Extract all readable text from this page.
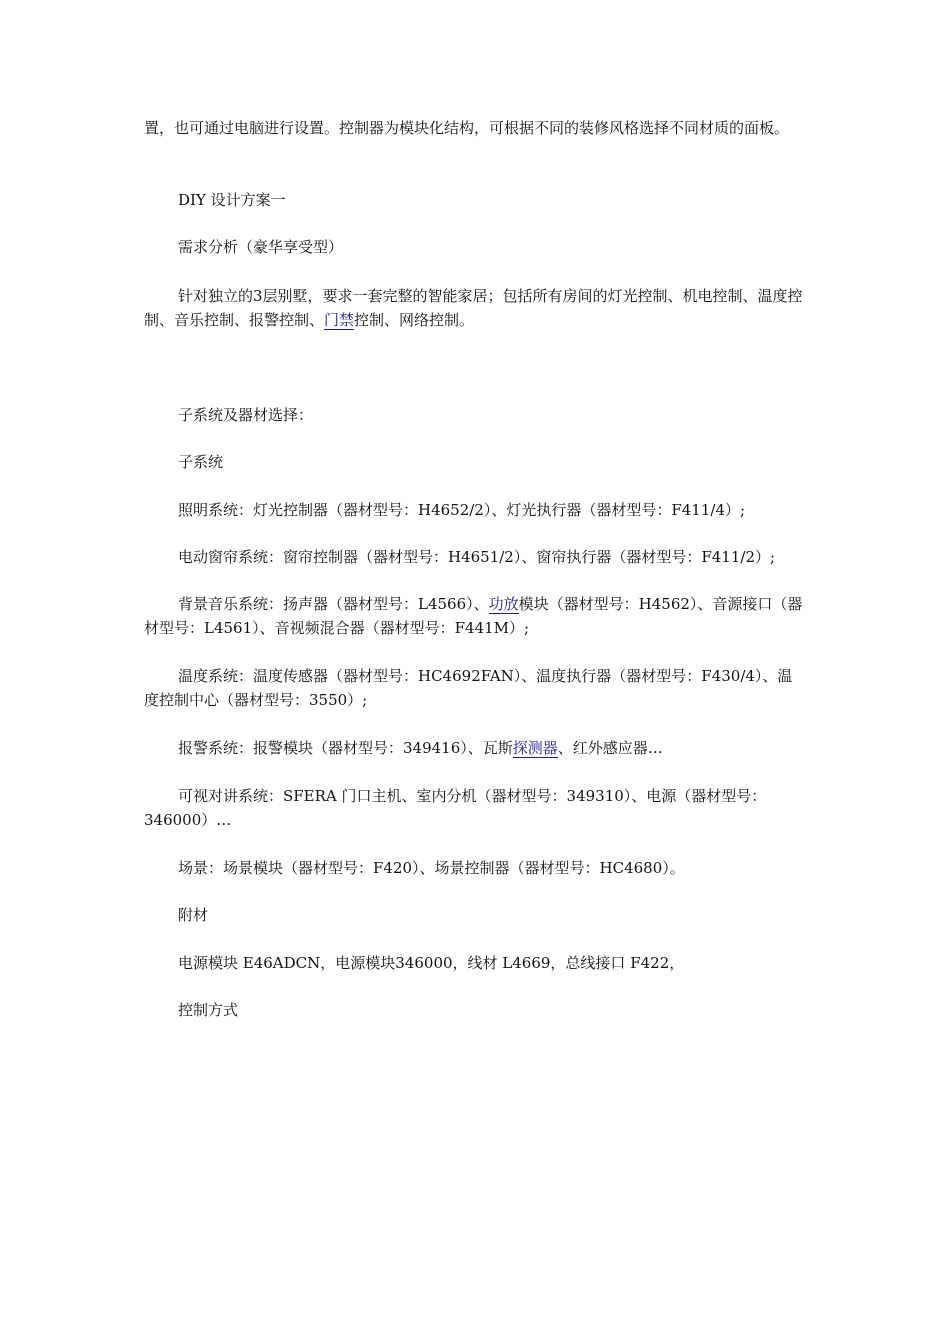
置，也可通过电脑进行设置。控制器为模块化结构，可根据不同的装修风格选择不同材质的面板。

DIY 设计方案一

需求分析（豪华享受型）

针对独立的3层别墅，要求一套完整的智能家居；包括所有房间的灯光控制、机电控制、温度控制、音乐控制、报警控制、门禁控制、网络控制。

子系统及器材选择：

子系统

照明系统：灯光控制器（器材型号：H4652/2）、灯光执行器（器材型号：F411/4）;

电动窗帘系统：窗帘控制器（器材型号：H4651/2）、窗帘执行器（器材型号：F411/2）;

背景音乐系统：扬声器（器材型号：L4566）、功放模块（器材型号：H4562）、音源接口（器材型号：L4561）、音视频混合器（器材型号：F441M）;

温度系统：温度传感器（器材型号：HC4692FAN）、温度执行器（器材型号：F430/4）、温度控制中心（器材型号：3550）;

报警系统：报警模块（器材型号：349416）、瓦斯探测器、红外感应器…

可视对讲系统：SFERA 门口主机、室内分机（器材型号：349310）、电源（器材型号：346000）…

场景：场景模块（器材型号：F420）、场景控制器（器材型号：HC4680）。

附材

电源模块 E46ADCN，电源模块346000，线材 L4669，总线接口 F422，

控制方式
